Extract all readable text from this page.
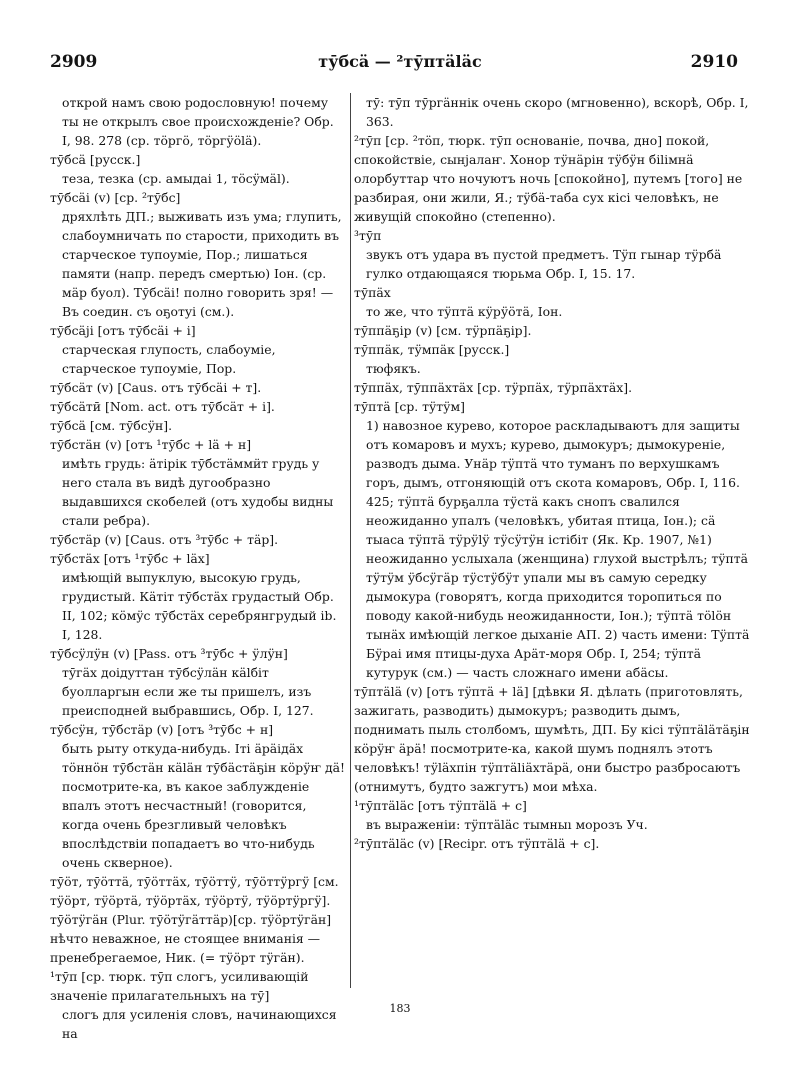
2909	тӯбсӓ — ²тӯптӓlӓс	2910

открой намъ свою родословную! почему ты не открылъ свое происхожденіе? Обр. I, 98. 278 (ср. тӧргӧ, тӧргӱӧlӓ).

тӯбсӓ [русск.]

теза, тезка (ср. амыдаі 1, тӧсӱмӓl).

тӯбсӓі (v) [ср. ²тӯбс]

дряхлѣть ДП.; выживать изъ ума; глупить, слабоумничать по старости, приходить въ старческое тупоуміе, Пор.; лишаться памяти (напр. передъ смертью) Іон. (ср. мӓр буол). Тӯбсӓі! полно говорить зря! — Въ соедин. съ оҕотуі (см.).

тӯбсӓјі [отъ тӯбсӓі + і]

старческая глупость, слабоуміе, старческое тупоуміе, Пор.

тӯбсӓт (v) [Caus. отъ тӯбсӓі + т].

тӯбсӓтӣ [Nom. act. отъ тӯбсӓт + і].

тӯбсӓ [см. тӯбсӱн].

тӯбстӓн (v) [отъ ¹тӯбс + lӓ + н]

имѣть грудь: ӓтірік тӯбстӓммӥт грудь у него стала въ видѣ дугообразно выдавшихся скобелей (отъ худобы видны стали ребра).

тӯбстӓр (v) [Caus. отъ ³тӯбс + тӓр].

тӯбстӓх [отъ ¹тӯбс + lӓх]

имѣющій выпуклую, высокую грудь, грудистый. Кӓтіт тӯбстӓх грудастый Обр. II, 102; кӧмӱс тӯбстӓх серебрянгрудый ib. I, 128.

тӯбсӱлӱн (v) [Pass. отъ ³тӯбс + ӱлӱн]

тӯгӓх доідуттан тӯбсӱлӓн кӓlбіт буолларгын если же ты пришелъ, изъ преисподней выбравшись, Обр. I, 127.

тӯбсӱн, тӯбстӓр (v) [отъ ³тӯбс + н]

быть рыту откуда-нибудь. Іті ӓрӓідӓх тӧннӧн тӯбстӓн кӓlӓн тӯбӓстӓҕін кӧрӱҥ дӓ! посмотрите-ка, въ какое заблужденіе впалъ этотъ несчастный! (говорится, когда очень брезгливый человѣкъ впослѣдствіи попадаетъ во что-нибудь очень скверное).

тӯӧт, тӯӧттӓ, тӯӧттӓх, тӯӧттӱ, тӯӧттӱргӱ [см. тӱӧрт, тӱӧртӓ, тӱӧртӓх, тӱӧртӱ, тӱӧртӱргӱ].

тӯӧтӱгӓн (Plur. тӯӧтӱгӓттӓр)[ср. тӱӧртӱгӓн] нѣчто неважное, не стоящее вниманія — пренебрегаемое, Ник. (= тӱӧрт тӱгӓн).

¹тӯп [ср. тюрк. тӯп слогъ, усиливающій значеніе прилагательныхъ на тӯ]

слогъ для усиленія словъ, начинающихся на

тӯ: тӯп тӯргӓннік очень скоро (мгновенно), вскорѣ, Обр. I, 363.

²тӯп [ср. ²тӧп, тюрк. тӯп основаніе, почва, дно] покой, спокойствіе, сынjалаҥ. Хонор тӱнӓрін тӱбӱн біlімнӓ олорбуттар что ночуютъ ночь [спокойно], путемъ [того] не разбирая, они жили, Я.; тӱбӓ-таба сух кісі человѣкъ, не живущій спокойно (степенно).

³тӯп

звукъ отъ удара въ пустой предметъ. Тӱп гынар тӱрбӓ гулко отдающаяся тюрьма Обр. I, 15. 17.

тӯпӓх

то же, что тӱптӓ кӱрӱӧтӓ, Іон.

тӯппӓҕір (v) [см. тӱрпӓҕір].

тӯппӓк, тӱмпӓк [русск.]

тюфякъ.

тӯппӓх, тӯппӓхтӓх [ср. тӱрпӓх, тӱрпӓхтӓх].

тӯптӓ [ср. тӱтӱм]

1) навозное курево, которое раскладываютъ для защиты отъ комаровъ и мухъ; курево, дымокуръ; дымокуреніе, разводъ дыма. Унӓр тӱптӓ что туманъ по верхушкамъ горъ, дымъ, отгоняющій отъ скота комаровъ, Обр. I, 116. 425; тӱптӓ бурҕалла тӱстӓ какъ снопъ свалился неожиданно упалъ (человѣкъ, убитая птица, Іон.); сӓ тыаса тӱптӓ тӱрӱlӱ тӱсӱтӱн істібіт (Як. Кр. 1907, №1) неожиданно услыхала (женщина) глухой выстрѣлъ; тӱптӓ тӱтӱм ӱбсӱгӓр тӱстӱбӱт упали мы въ самую середку дымокура (говорятъ, когда приходится торопиться по поводу какой-нибудь неожиданности, Іон.); тӱптӓ тӧlӧн тынӓх имѣющій легкое дыханіе АП. 2) часть имени: Тӱптӓ Бӱраі имя птицы-духа Арӓт-моря Обр. I, 254; тӱптӓ кутурук (см.) — часть сложнаго имени абӓсы.

тӯптӓlӓ (v) [отъ тӱптӓ + lӓ] [дѣвки Я. дѣлать (приготовлять, зажигать, разводить) дымокуръ; разводить дымъ, поднимать пыль столбомъ, шумѣть, ДП. Бу кісі тӱптӓlӓтӓҕін кӧрӱҥ ӓрӓ! посмотрите-ка, какой шумъ поднялъ этотъ человѣкъ! тӱlӓхпін тӱптӓlіӓхтӓрӓ, они быстро разбросаютъ (отнимутъ, будто зажгутъ) мои мѣха.

¹тӯптӓlӓс [отъ тӱптӓlӓ + с]

въ выраженіи: тӱптӓlӓс тымныı морозъ Уч.

²тӯптӓlӓс (v) [Recipr. отъ тӱптӓlӓ + с].

183
